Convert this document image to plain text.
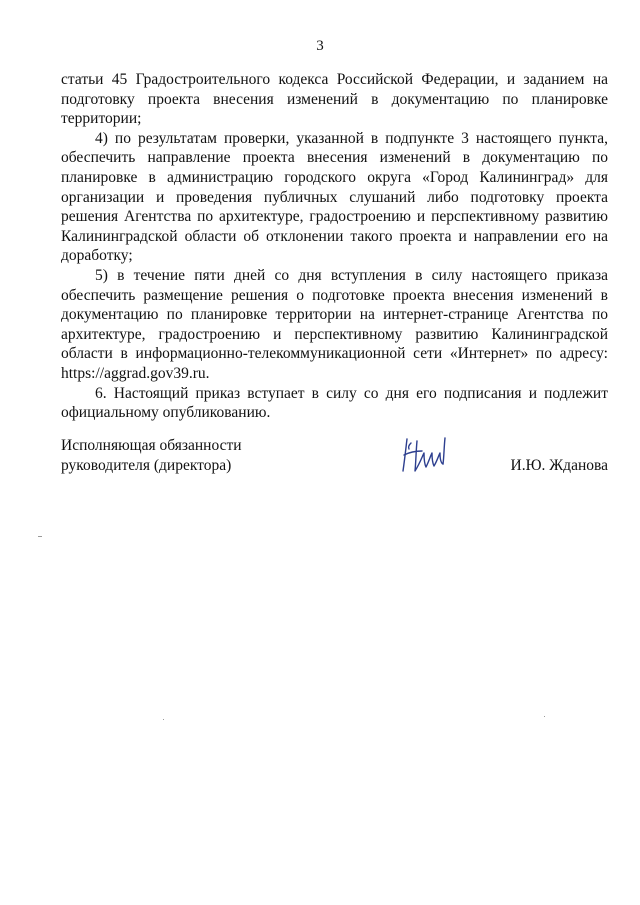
3

статьи 45 Градостроительного кодекса Российской Федерации, и заданием на подготовку проекта внесения изменений в документацию по планировке территории;

4) по результатам проверки, указанной в подпункте 3 настоящего пункта, обеспечить направление проекта внесения изменений в документацию по планировке в администрацию городского округа «Город Калининград» для организации и проведения публичных слушаний либо подготовку проекта решения Агентства по архитектуре, градостроению и перспективному развитию Калининградской области об отклонении такого проекта и направлении его на доработку;

5) в течение пяти дней со дня вступления в силу настоящего приказа обеспечить размещение решения о подготовке проекта внесения изменений в документацию по планировке территории на интернет-странице Агентства по архитектуре, градостроению и перспективному развитию Калининградской области в информационно-телекоммуникационной сети «Интернет» по адресу: https://aggrad.gov39.ru.

6. Настоящий приказ вступает в силу со дня его подписания и подлежит официальному опубликованию.

Исполняющая обязанности
руководителя (директора)	И.Ю. Жданова
